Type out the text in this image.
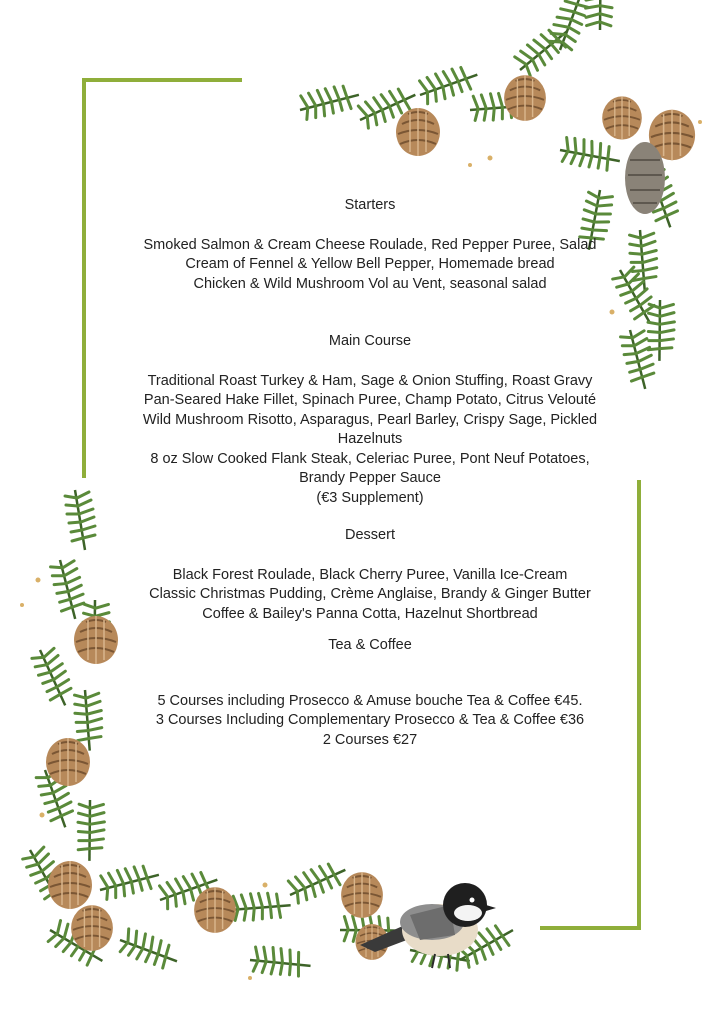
Starters
Smoked Salmon & Cream Cheese Roulade, Red Pepper Puree, Salad
Cream of Fennel & Yellow Bell Pepper, Homemade bread
Chicken & Wild Mushroom Vol au Vent, seasonal salad
Main Course
Traditional Roast Turkey & Ham, Sage & Onion Stuffing, Roast Gravy
Pan-Seared Hake Fillet, Spinach Puree, Champ Potato, Citrus Velouté
Wild Mushroom Risotto, Asparagus, Pearl Barley, Crispy Sage, Pickled Hazelnuts
8 oz Slow Cooked Flank Steak, Celeriac Puree, Pont Neuf Potatoes, Brandy Pepper Sauce
(€3 Supplement)
Dessert
Black Forest Roulade, Black Cherry Puree, Vanilla Ice-Cream
Classic Christmas Pudding, Crème Anglaise, Brandy & Ginger Butter
Coffee & Bailey's Panna Cotta, Hazelnut Shortbread
Tea & Coffee
5 Courses including Prosecco & Amuse bouche Tea & Coffee €45.
3 Courses Including Complementary Prosecco & Tea & Coffee €36
2 Courses €27
